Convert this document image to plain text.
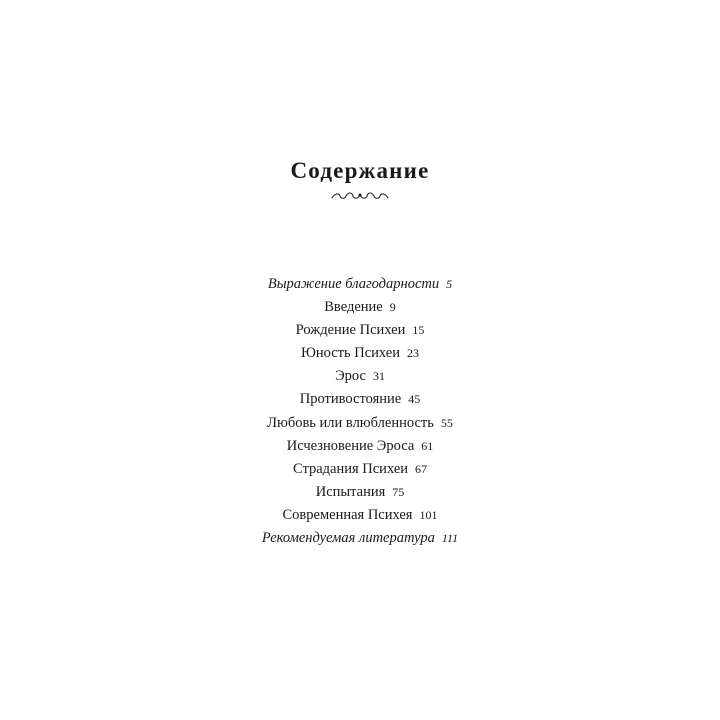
Содержание
Выражение благодарности 5
Введение 9
Рождение Психеи 15
Юность Психеи 23
Эрос 31
Противостояние 45
Любовь или влюбленность 55
Исчезновение Эроса 61
Страдания Психеи 67
Испытания 75
Современная Психея 101
Рекомендуемая литература 111
